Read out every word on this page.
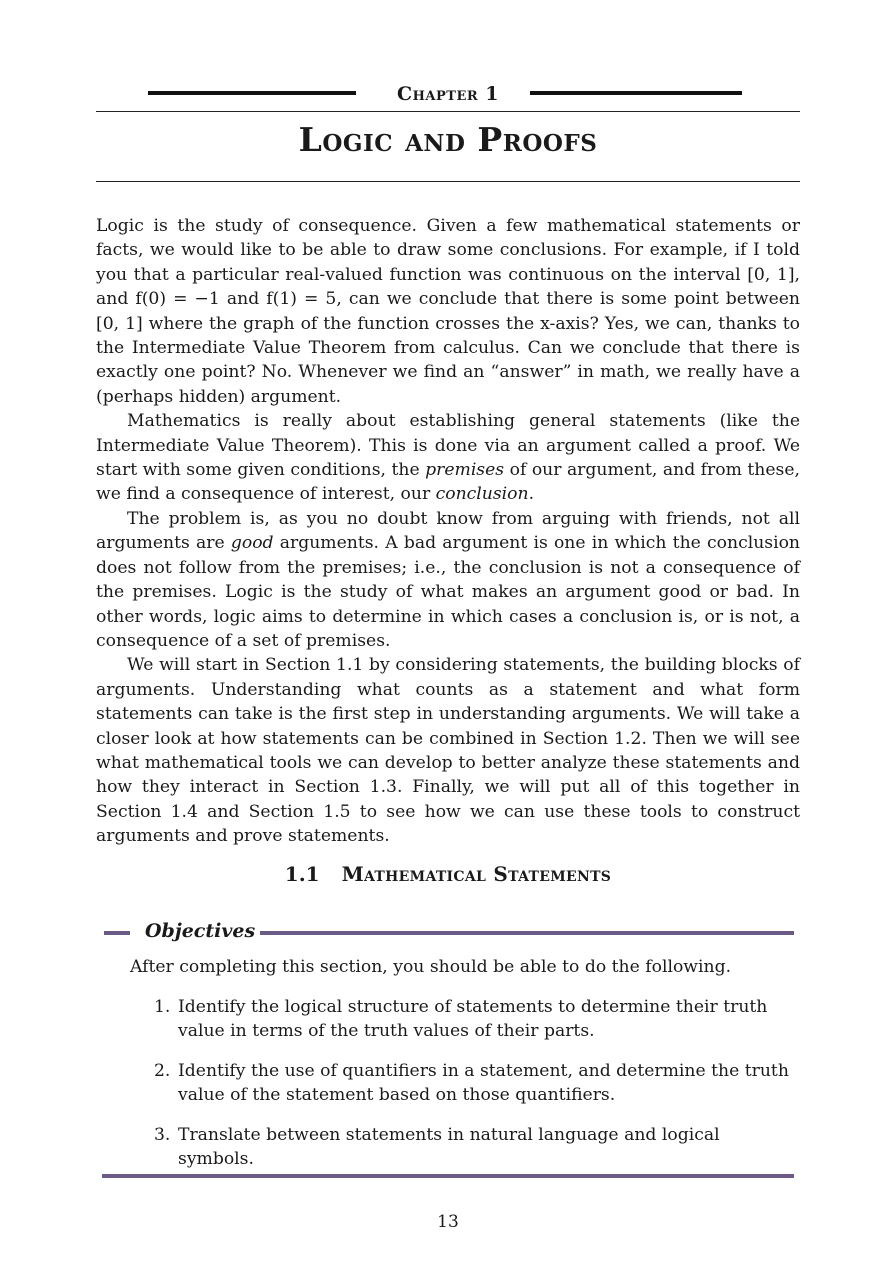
Chapter 1
Logic and Proofs

Logic is the study of consequence. Given a few mathematical statements or facts, we would like to be able to draw some conclusions. For example, if I told you that a particular real-valued function was continuous on the interval [0, 1], and f(0) = −1 and f(1) = 5, can we conclude that there is some point between [0, 1] where the graph of the function crosses the x-axis? Yes, we can, thanks to the Intermediate Value Theorem from calculus. Can we conclude that there is exactly one point? No. Whenever we find an “answer” in math, we really have a (perhaps hidden) argument.

Mathematics is really about establishing general statements (like the Intermediate Value Theorem). This is done via an argument called a proof. We start with some given conditions, the premises of our argument, and from these, we find a consequence of interest, our conclusion.

The problem is, as you no doubt know from arguing with friends, not all arguments are good arguments. A bad argument is one in which the conclusion does not follow from the premises; i.e., the conclusion is not a consequence of the premises. Logic is the study of what makes an argument good or bad. In other words, logic aims to determine in which cases a conclusion is, or is not, a consequence of a set of premises.

We will start in Section 1.1 by considering statements, the building blocks of arguments. Understanding what counts as a statement and what form statements can take is the first step in understanding arguments. We will take a closer look at how statements can be combined in Section 1.2. Then we will see what mathematical tools we can develop to better analyze these statements and how they interact in Section 1.3. Finally, we will put all of this together in Section 1.4 and Section 1.5 to see how we can use these tools to construct arguments and prove statements.

1.1 Mathematical Statements
Objectives
After completing this section, you should be able to do the following.
1. Identify the logical structure of statements to determine their truth value in terms of the truth values of their parts.
2. Identify the use of quantifiers in a statement, and determine the truth value of the statement based on those quantifiers.
3. Translate between statements in natural language and logical symbols.
13
